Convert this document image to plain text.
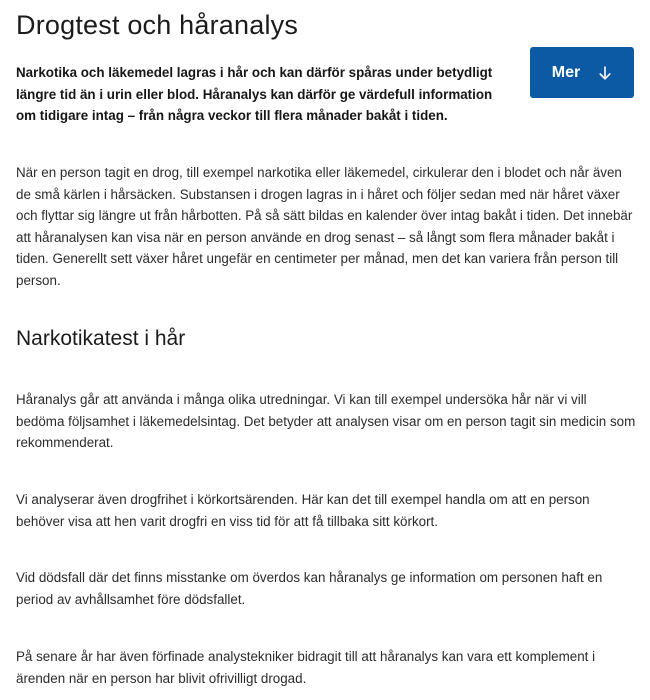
Drogtest och håranalys

Narkotika och läkemedel lagras i hår och kan därför spåras under betydligt längre tid än i urin eller blod. Håranalys kan därför ge värdefull information om tidigare intag – från några veckor till flera månader bakåt i tiden.

Mer

När en person tagit en drog, till exempel narkotika eller läkemedel, cirkulerar den i blodet och når även de små kärlen i hårsäcken. Substansen i drogen lagras in i håret och följer sedan med när håret växer och flyttar sig längre ut från hårbotten. På så sätt bildas en kalender över intag bakåt i tiden. Det innebär att håranalysen kan visa när en person använde en drog senast – så långt som flera månader bakåt i tiden. Generellt sett växer håret ungefär en centimeter per månad, men det kan variera från person till person.

Narkotikatest i hår

Håranalys går att använda i många olika utredningar. Vi kan till exempel undersöka hår när vi vill bedöma följsamhet i läkemedelsintag. Det betyder att analysen visar om en person tagit sin medicin som rekommenderat.

Vi analyserar även drogfrihet i körkortsärenden. Här kan det till exempel handla om att en person behöver visa att hen varit drogfri en viss tid för att få tillbaka sitt körkort.

Vid dödsfall där det finns misstanke om överdos kan håranalys ge information om personen haft en period av avhållsamhet före dödsfallet.

På senare år har även förfinade analystekniker bidragit till att håranalys kan vara ett komplement i ärenden när en person har blivit ofrivilligt drogad.
